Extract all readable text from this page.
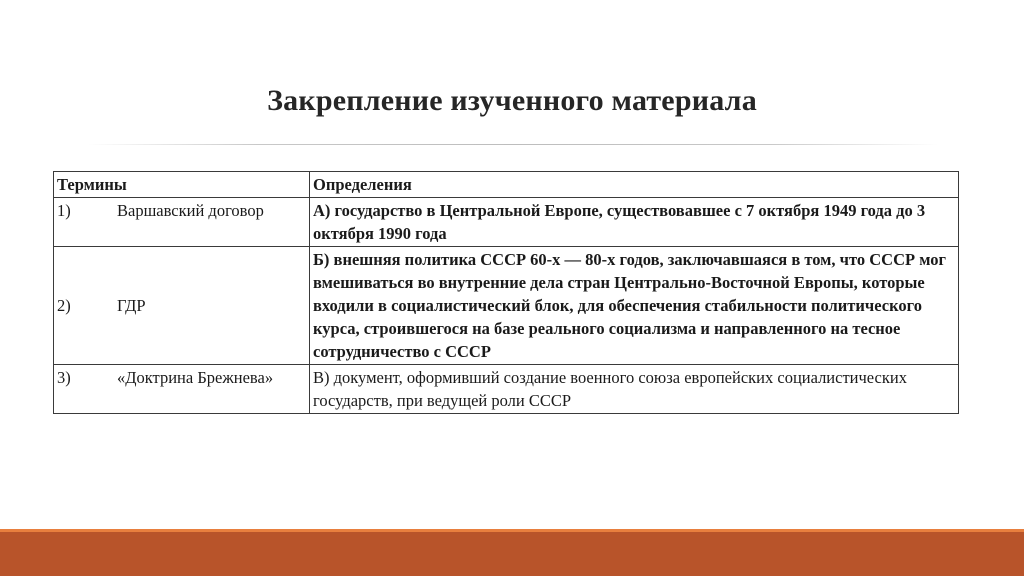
Закрепление изученного материала
Термины	Определения
1) Варшавский договор	А) государство в Центральной Европе, существовавшее с 7 октября 1949 года до 3 октября 1990 года
2) ГДР	Б) внешняя политика СССР 60-х — 80-х годов, заключавшаяся в том, что СССР мог вмешиваться во внутренние дела стран Центрально-Восточной Европы, которые входили в социалистический блок, для обеспечения стабильности политического курса, строившегося на базе реального социализма и направленного на тесное сотрудничество с СССР
3) «Доктрина Брежнева»	В) документ, оформивший создание военного союза европейских социалистических государств, при ведущей роли СССР
